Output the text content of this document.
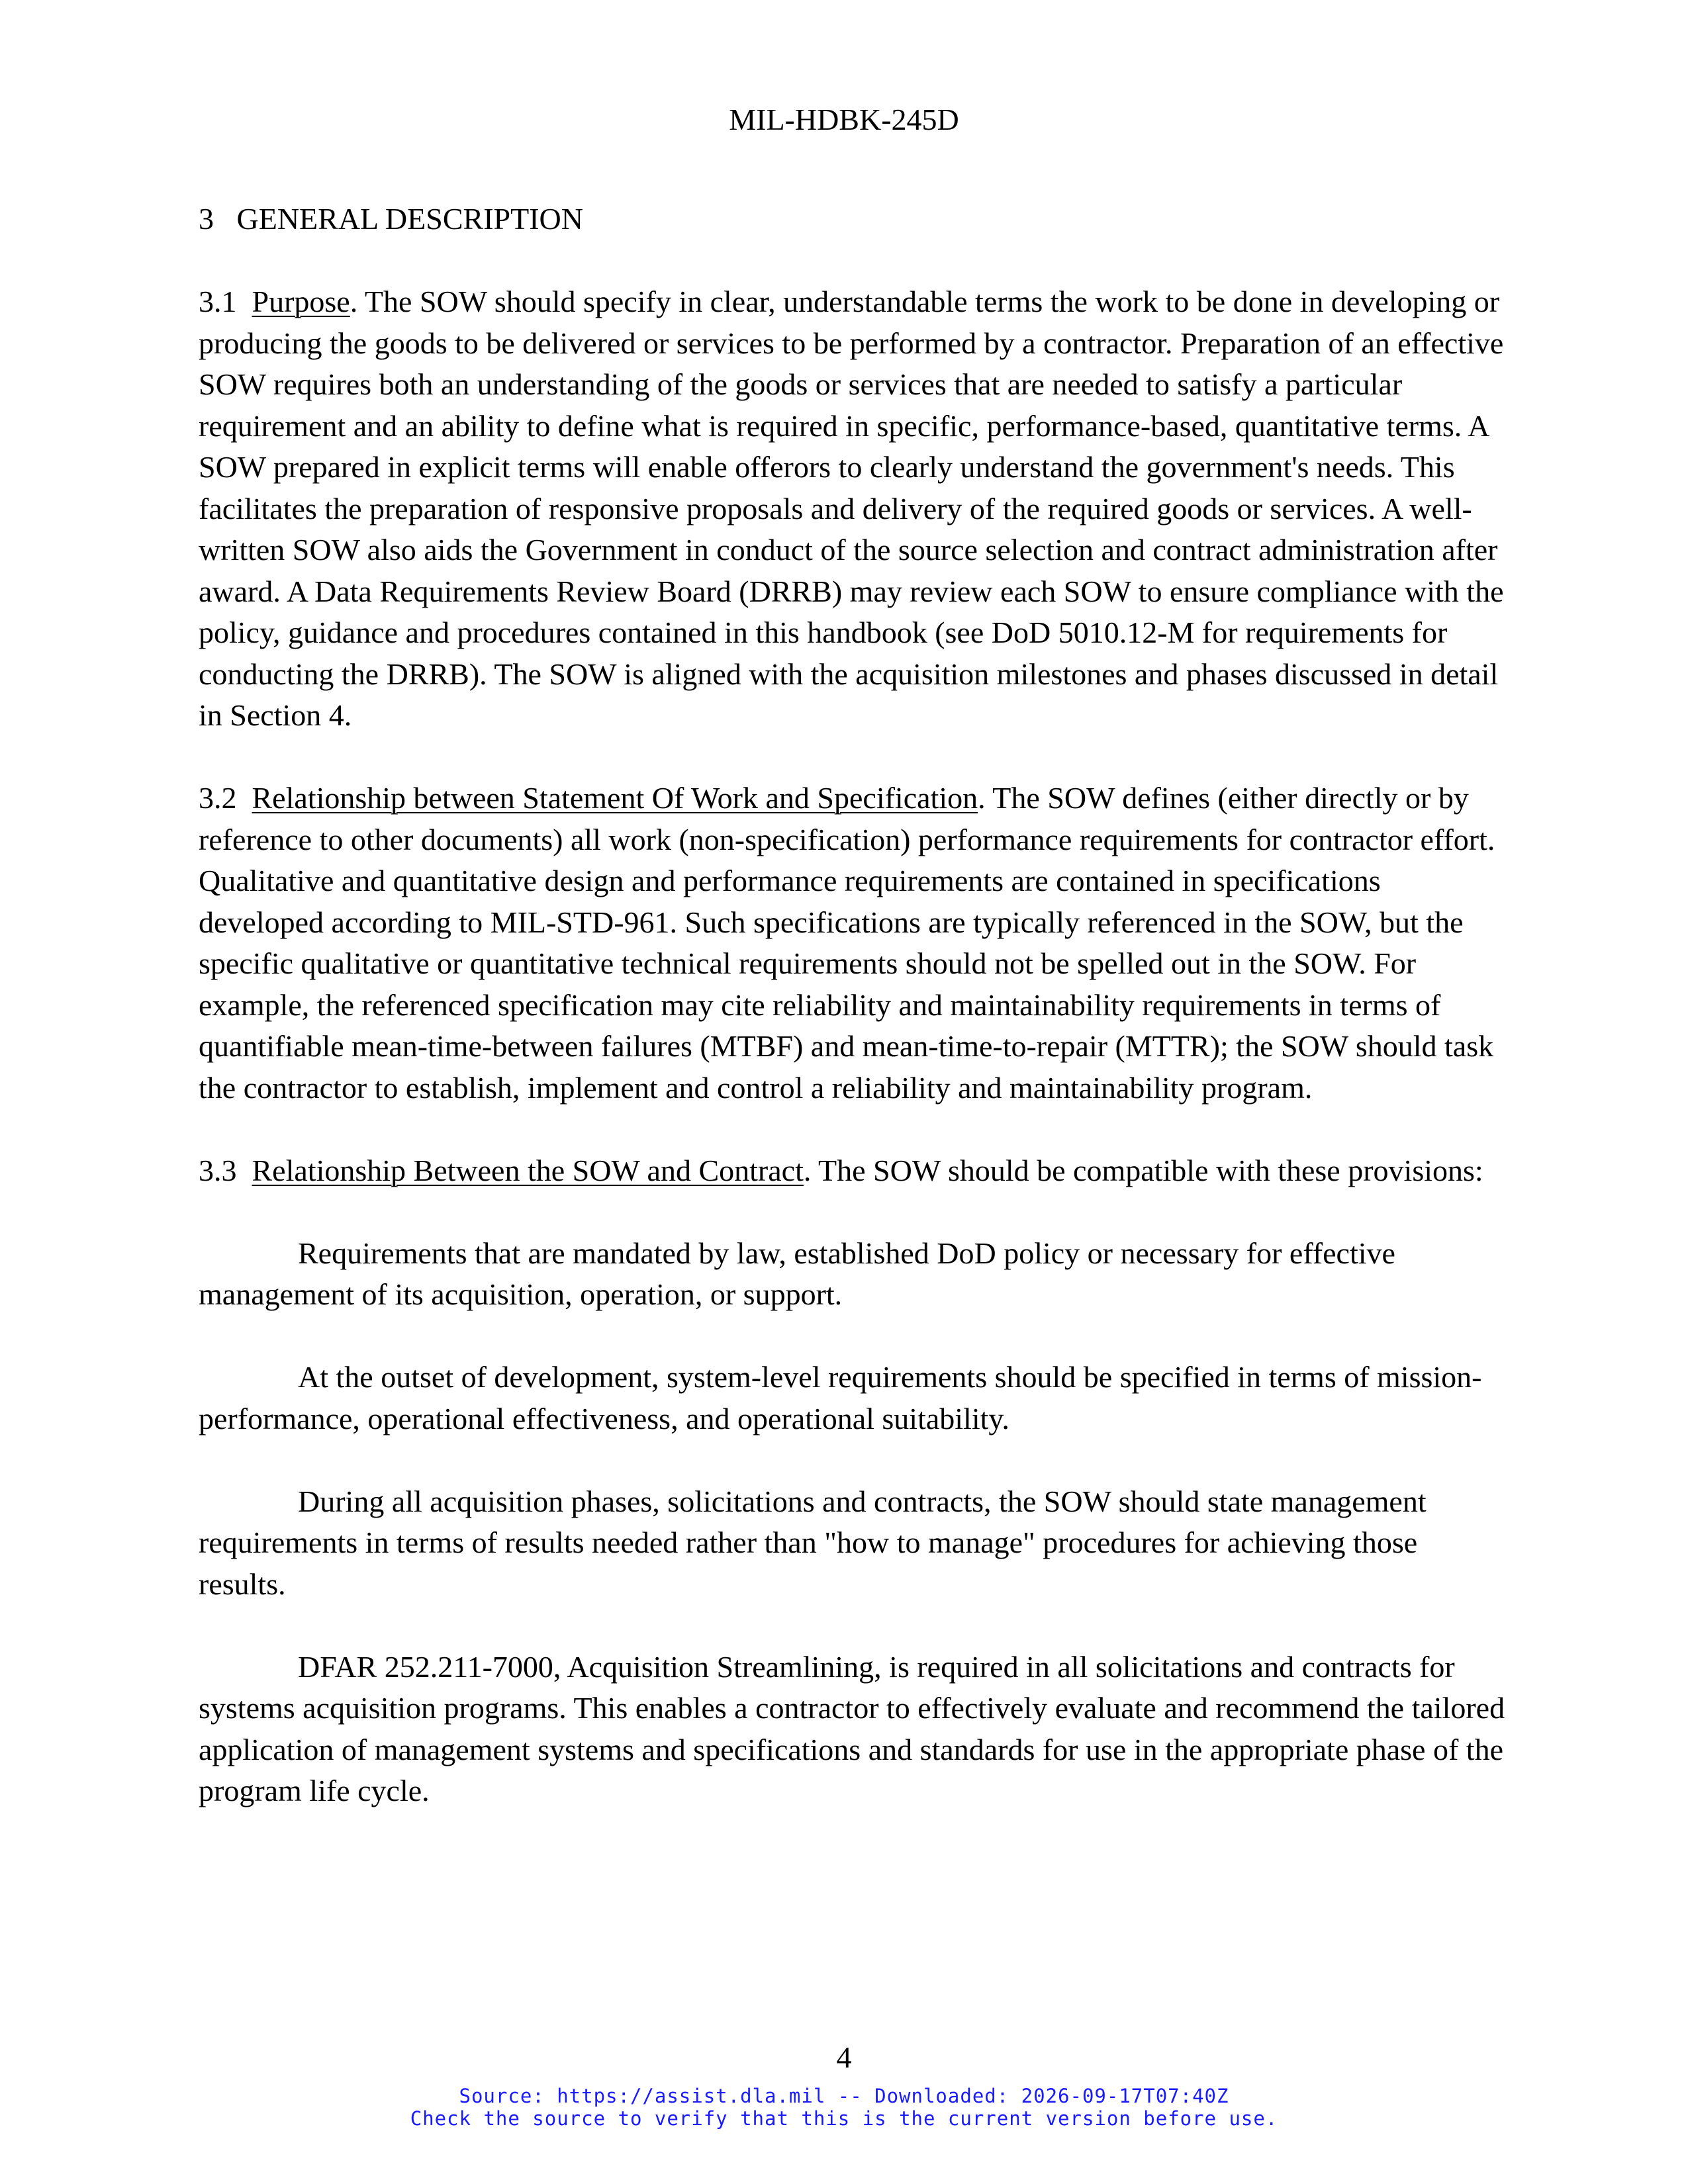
MIL-HDBK-245D

3 GENERAL DESCRIPTION

3.1 Purpose. The SOW should specify in clear, understandable terms the work to be done in developing or producing the goods to be delivered or services to be performed by a contractor. Preparation of an effective SOW requires both an understanding of the goods or services that are needed to satisfy a particular requirement and an ability to define what is required in specific, performance-based, quantitative terms. A SOW prepared in explicit terms will enable offerors to clearly understand the government's needs. This facilitates the preparation of responsive proposals and delivery of the required goods or services. A well-written SOW also aids the Government in conduct of the source selection and contract administration after award. A Data Requirements Review Board (DRRB) may review each SOW to ensure compliance with the policy, guidance and procedures contained in this handbook (see DoD 5010.12-M for requirements for conducting the DRRB). The SOW is aligned with the acquisition milestones and phases discussed in detail in Section 4.

3.2 Relationship between Statement Of Work and Specification. The SOW defines (either directly or by reference to other documents) all work (non-specification) performance requirements for contractor effort. Qualitative and quantitative design and performance requirements are contained in specifications developed according to MIL-STD-961. Such specifications are typically referenced in the SOW, but the specific qualitative or quantitative technical requirements should not be spelled out in the SOW. For example, the referenced specification may cite reliability and maintainability requirements in terms of quantifiable mean-time-between failures (MTBF) and mean-time-to-repair (MTTR); the SOW should task the contractor to establish, implement and control a reliability and maintainability program.

3.3 Relationship Between the SOW and Contract. The SOW should be compatible with these provisions:

Requirements that are mandated by law, established DoD policy or necessary for effective management of its acquisition, operation, or support.

At the outset of development, system-level requirements should be specified in terms of mission-performance, operational effectiveness, and operational suitability.

During all acquisition phases, solicitations and contracts, the SOW should state management requirements in terms of results needed rather than "how to manage" procedures for achieving those results.

DFAR 252.211-7000, Acquisition Streamlining, is required in all solicitations and contracts for systems acquisition programs. This enables a contractor to effectively evaluate and recommend the tailored application of management systems and specifications and standards for use in the appropriate phase of the program life cycle.

4
Source: https://assist.dla.mil -- Downloaded: 2026-09-17T07:40Z
Check the source to verify that this is the current version before use.
